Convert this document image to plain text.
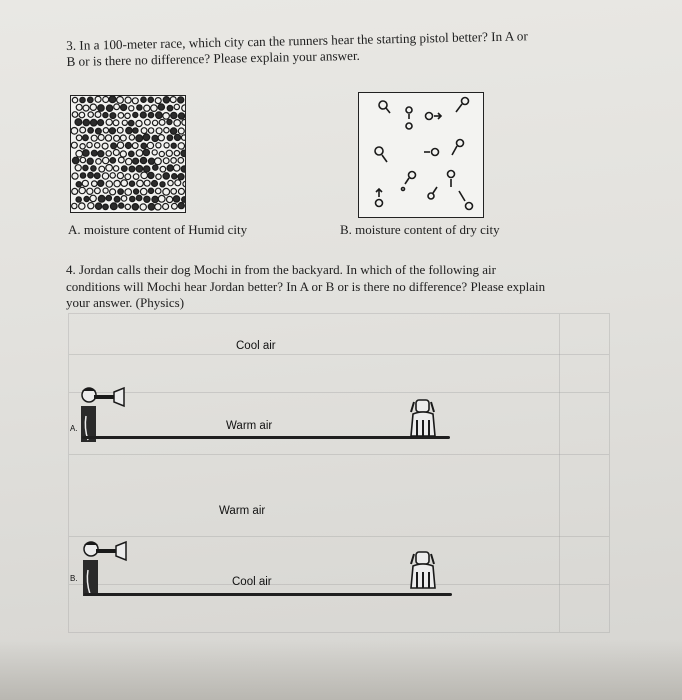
3. In a 100-meter race, which city can the runners hear the starting pistol better? In A or
B or is there no difference? Please explain your answer.
A. moisture content of Humid city	B. moisture content of dry city
4. Jordan calls their dog Mochi in from the backyard. In which of the following air
conditions will Mochi hear Jordan better? In A or B or is there no difference? Please explain
your answer. (Physics)
Cool air
A.	Warm air
Warm air
B.	Cool air
